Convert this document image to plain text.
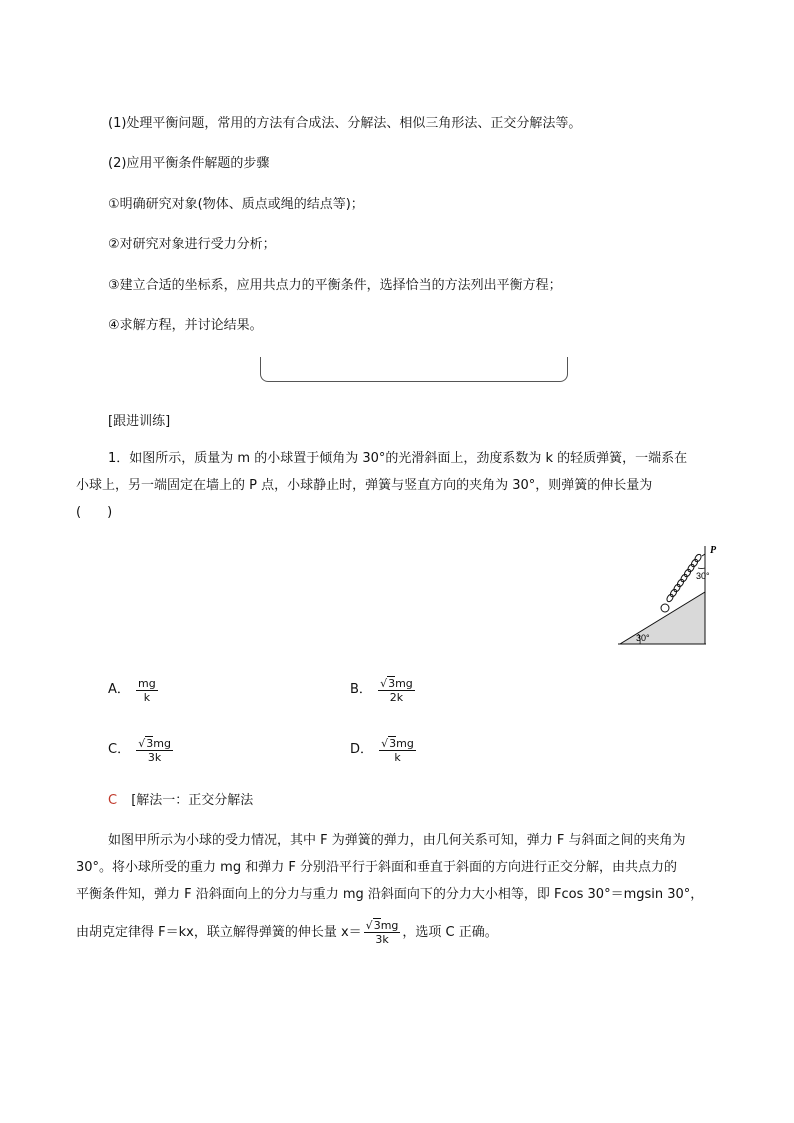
(1)处理平衡问题，常用的方法有合成法、分解法、相似三角形法、正交分解法等。
(2)应用平衡条件解题的步骤
①明确研究对象(物体、质点或绳的结点等)；
②对研究对象进行受力分析；
③建立合适的坐标系，应用共点力的平衡条件，选择恰当的方法列出平衡方程；
④求解方程，并讨论结果。
[跟进训练]
1．如图所示，质量为 m 的小球置于倾角为 30°的光滑斜面上，劲度系数为 k 的轻质弹簧，一端系在
小球上，另一端固定在墙上的 P 点，小球静止时，弹簧与竖直方向的夹角为 30°，则弹簧的伸长量为
(　　)
P
30°
30°
A． $\frac{mg}{k}$	B． $\frac{√3mg}{2k}$
C． $\frac{√3mg}{3k}$	D． $\frac{√3mg}{k}$
C [解法一：正交分解法
如图甲所示为小球的受力情况，其中 F 为弹簧的弹力，由几何关系可知，弹力 F 与斜面之间的夹角为
30°。将小球所受的重力 mg 和弹力 F 分别沿平行于斜面和垂直于斜面的方向进行正交分解，由共点力的
平衡条件知，弹力 F 沿斜面向上的分力与重力 mg 沿斜面向下的分力大小相等，即 Fcos 30°＝mgsin 30°，
由胡克定律得 F＝kx，联立解得弹簧的伸长量 $x= \frac{√3mg}{3k}$ ，选项 C 正确。
